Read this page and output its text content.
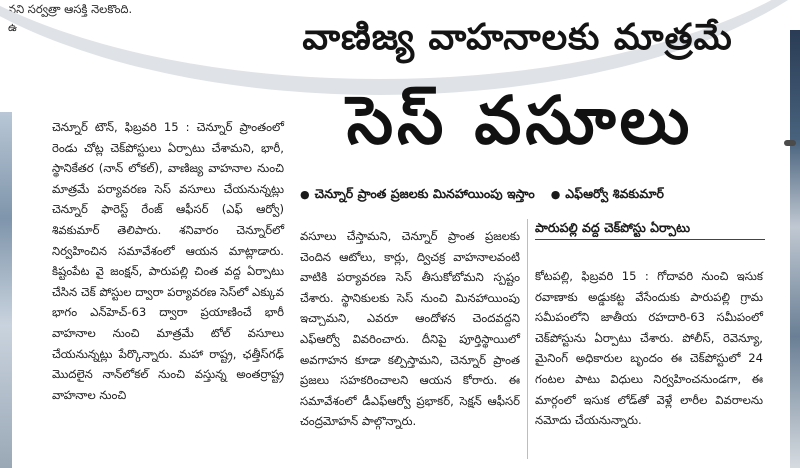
నని సర్వత్రా ఆసక్తి నెలకొంది.
ఉ	వాణిజ్య వాహనాలకు మాత్రమే
సెస్ వసూలు
● చెన్నూర్ ప్రాంత ప్రజలకు మినహాయింపు ఇస్తాం ● ఎఫ్ఆర్వో శివకుమార్
చెన్నూర్ టౌన్, ఫిబ్రవరి 15 : చెన్నూర్ ప్రాంతంలో రెండు చోట్ల చెక్‌పోస్టులు ఏర్పాటు చేశామని, భారీ, స్థానికేతర (నాన్ లోకల్), వాణిజ్య వాహనాల నుంచి మాత్రమే పర్యావరణ సెస్ వసూలు చేయనున్నట్లు చెన్నూర్ ఫారెస్ట్ రేంజ్ ఆఫీసర్ (ఎఫ్ ఆర్వో) శివకుమార్ తెలిపారు. శనివారం చెన్నూర్‌లో నిర్వహించిన సమావేశంలో ఆయన మాట్లాడారు. కిష్టంపేట వై జంక్షన్, పారుపల్లి చింత వద్ద ఏర్పాటు చేసిన చెక్ పోస్టుల ద్వారా పర్యావరణ సెస్‌లో ఎక్కువ భాగం ఎన్‌హెచ్-63 ద్వారా ప్రయాణించే భారీ వాహనాల నుంచి మాత్రమే టోల్ వసూలు చేయనున్నట్లు పేర్కొన్నారు. మహా రాష్ట్ర, ఛత్తీస్‌గఢ్ మొదలైన నాన్‌లోకల్ నుంచి వస్తున్న అంతర్రాష్ట్ర వాహనాల నుంచి
వసూలు చేస్తామని, చెన్నూర్ ప్రాంత ప్రజలకు చెందిన ఆటోలు, కార్లు, ద్విచక్ర వాహనాలవంటి వాటికి పర్యావరణ సెస్ తీసుకోబోమని స్పష్టం చేశారు. స్థానికులకు సెస్ నుంచి మినహాయింపు ఇచ్చామని, ఎవరూ ఆందోళన చెందవద్దని ఎఫ్ఆర్వో వివరించారు. దీనిపై పూర్తిస్థాయిలో అవగాహన కూడా కల్పిస్తామని, చెన్నూర్ ప్రాంత ప్రజలు సహకరించాలని ఆయన కోరారు. ఈ సమావేశంలో డీఎఫ్ఆర్వో ప్రభాకర్, సెక్షన్ ఆఫీసర్ చంద్రమోహన్ పాల్గొన్నారు.
పారుపల్లి వద్ద చెక్‌పోస్టు ఏర్పాటు
కోటపల్లి, ఫిబ్రవరి 15 : గోదావరి నుంచి ఇసుక రవాణాకు అడ్డుకట్ట వేసేందుకు పారుపల్లి గ్రామ సమీపంలోని జాతీయ రహదారి-63 సమీపంలో చెక్‌పోస్టును ఏర్పాటు చేశారు. పోలీస్, రెవెన్యూ, మైనింగ్ అధికారుల బృందం ఈ చెక్‌పోస్టులో 24 గంటల పాటు విధులు నిర్వహించనుండగా, ఈ మార్గంలో ఇసుక లోడ్‌తో వెళ్లే లారీల వివరాలను నమోదు చేయనున్నారు.
